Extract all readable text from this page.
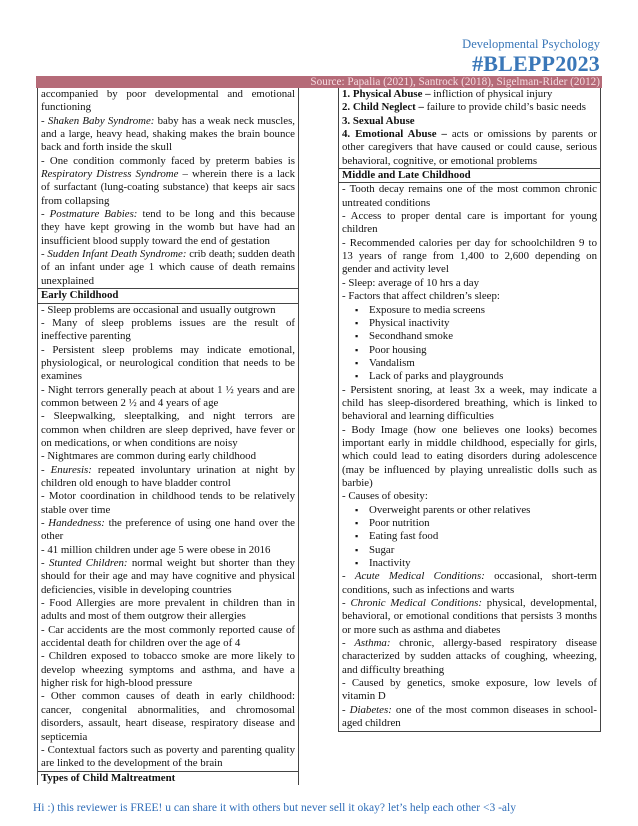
Developmental Psychology
#BLEPP2023
Source: Papalia (2021), Santrock (2018), Sigelman-Rider (2012)
accompanied by poor developmental and emotional functioning
- Shaken Baby Syndrome: baby has a weak neck muscles, and a large, heavy head, shaking makes the brain bounce back and forth inside the skull
- One condition commonly faced by preterm babies is Respiratory Distress Syndrome – wherein there is a lack of surfactant (lung-coating substance) that keeps air sacs from collapsing
- Postmature Babies: tend to be long and this because they have kept growing in the womb but have had an insufficient blood supply toward the end of gestation
- Sudden Infant Death Syndrome: crib death; sudden death of an infant under age 1 which cause of death remains unexplained
Early Childhood
- Sleep problems are occasional and usually outgrown
- Many of sleep problems issues are the result of ineffective parenting
- Persistent sleep problems may indicate emotional, physiological, or neurological condition that needs to be examines
- Night terrors generally peach at about 1 ½ years and are common between 2 ½ and 4 years of age
- Sleepwalking, sleeptalking, and night terrors are common when children are sleep deprived, have fever or on medications, or when conditions are noisy
- Nightmares are common during early childhood
- Enuresis: repeated involuntary urination at night by children old enough to have bladder control
- Motor coordination in childhood tends to be relatively stable over time
- Handedness: the preference of using one hand over the other
- 41 million children under age 5 were obese in 2016
- Stunted Children: normal weight but shorter than they should for their age and may have cognitive and physical deficiencies, visible in developing countries
- Food Allergies are more prevalent in children than in adults and most of them outgrow their allergies
- Car accidents are the most commonly reported cause of accidental death for children over the age of 4
- Children exposed to tobacco smoke are more likely to develop wheezing symptoms and asthma, and have a higher risk for high-blood pressure
- Other common causes of death in early childhood: cancer, congenital abnormalities, and chromosomal disorders, assault, heart disease, respiratory disease and septicemia
- Contextual factors such as poverty and parenting quality are linked to the development of the brain
Types of Child Maltreatment
1. Physical Abuse – infliction of physical injury
2. Child Neglect – failure to provide child’s basic needs
3. Sexual Abuse
4. Emotional Abuse – acts or omissions by parents or other caregivers that have caused or could cause, serious behavioral, cognitive, or emotional problems
Middle and Late Childhood
- Tooth decay remains one of the most common chronic untreated conditions
- Access to proper dental care is important for young children
- Recommended calories per day for schoolchildren 9 to 13 years of range from 1,400 to 2,600 depending on gender and activity level
- Sleep: average of 10 hrs a day
- Factors that affect children’s sleep:
▪ Exposure to media screens
▪ Physical inactivity
▪ Secondhand smoke
▪ Poor housing
▪ Vandalism
▪ Lack of parks and playgrounds
- Persistent snoring, at least 3x a week, may indicate a child has sleep-disordered breathing, which is linked to behavioral and learning difficulties
- Body Image (how one believes one looks) becomes important early in middle childhood, especially for girls, which could lead to eating disorders during adolescence (may be influenced by playing unrealistic dolls such as barbie)
- Causes of obesity:
▪ Overweight parents or other relatives
▪ Poor nutrition
▪ Eating fast food
▪ Sugar
▪ Inactivity
- Acute Medical Conditions: occasional, short-term conditions, such as infections and warts
- Chronic Medical Conditions: physical, developmental, behavioral, or emotional conditions that persists 3 months or more such as asthma and diabetes
- Asthma: chronic, allergy-based respiratory disease characterized by sudden attacks of coughing, wheezing, and difficulty breathing
- Caused by genetics, smoke exposure, low levels of vitamin D
- Diabetes: one of the most common diseases in school-aged children
Hi :) this reviewer is FREE! u can share it with others but never sell it okay? let’s help each other <3 -aly
